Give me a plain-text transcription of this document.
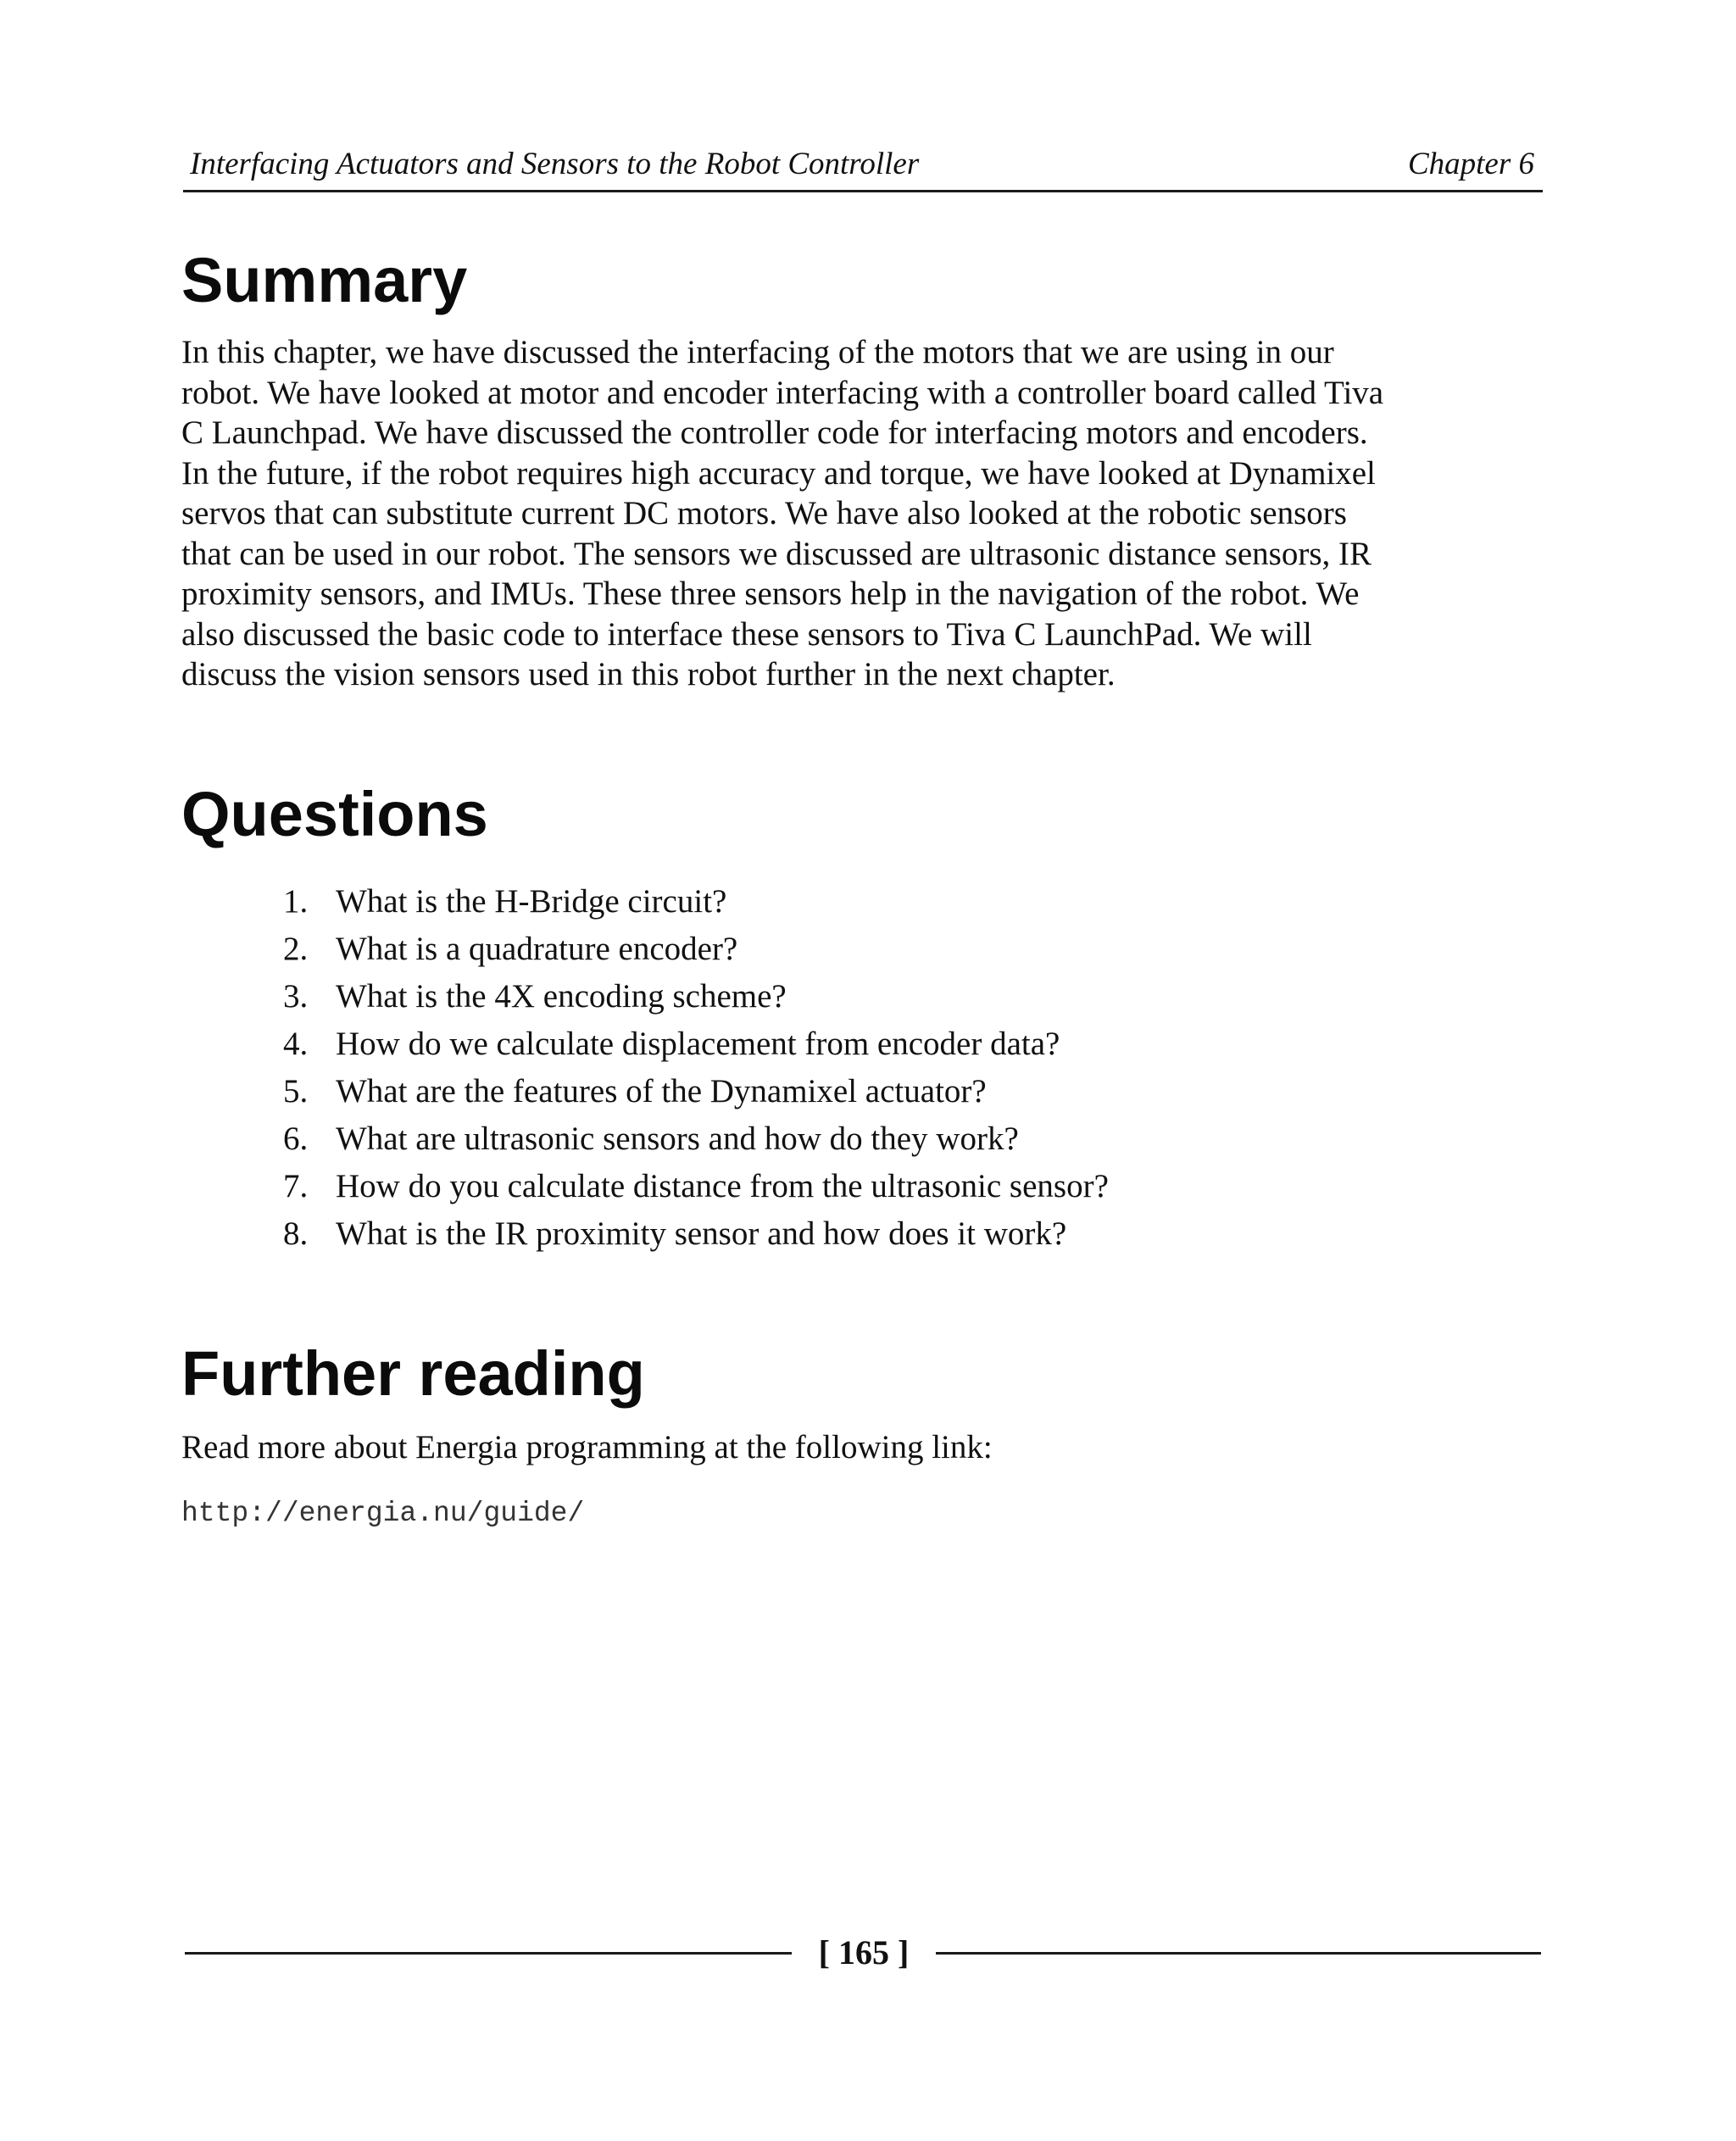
Interfacing Actuators and Sensors to the Robot Controller	Chapter 6
Summary

In this chapter, we have discussed the interfacing of the motors that we are using in our
robot. We have looked at motor and encoder interfacing with a controller board called Tiva
C Launchpad. We have discussed the controller code for interfacing motors and encoders.
In the future, if the robot requires high accuracy and torque, we have looked at Dynamixel
servos that can substitute current DC motors. We have also looked at the robotic sensors
that can be used in our robot. The sensors we discussed are ultrasonic distance sensors, IR
proximity sensors, and IMUs. These three sensors help in the navigation of the robot. We
also discussed the basic code to interface these sensors to Tiva C LaunchPad. We will
discuss the vision sensors used in this robot further in the next chapter.

Questions
1. What is the H-Bridge circuit?
2. What is a quadrature encoder?
3. What is the 4X encoding scheme?
4. How do we calculate displacement from encoder data?
5. What are the features of the Dynamixel actuator?
6. What are ultrasonic sensors and how do they work?
7. How do you calculate distance from the ultrasonic sensor?
8. What is the IR proximity sensor and how does it work?
Further reading

Read more about Energia programming at the following link:

http://energia.nu/guide/

[ 165 ]
